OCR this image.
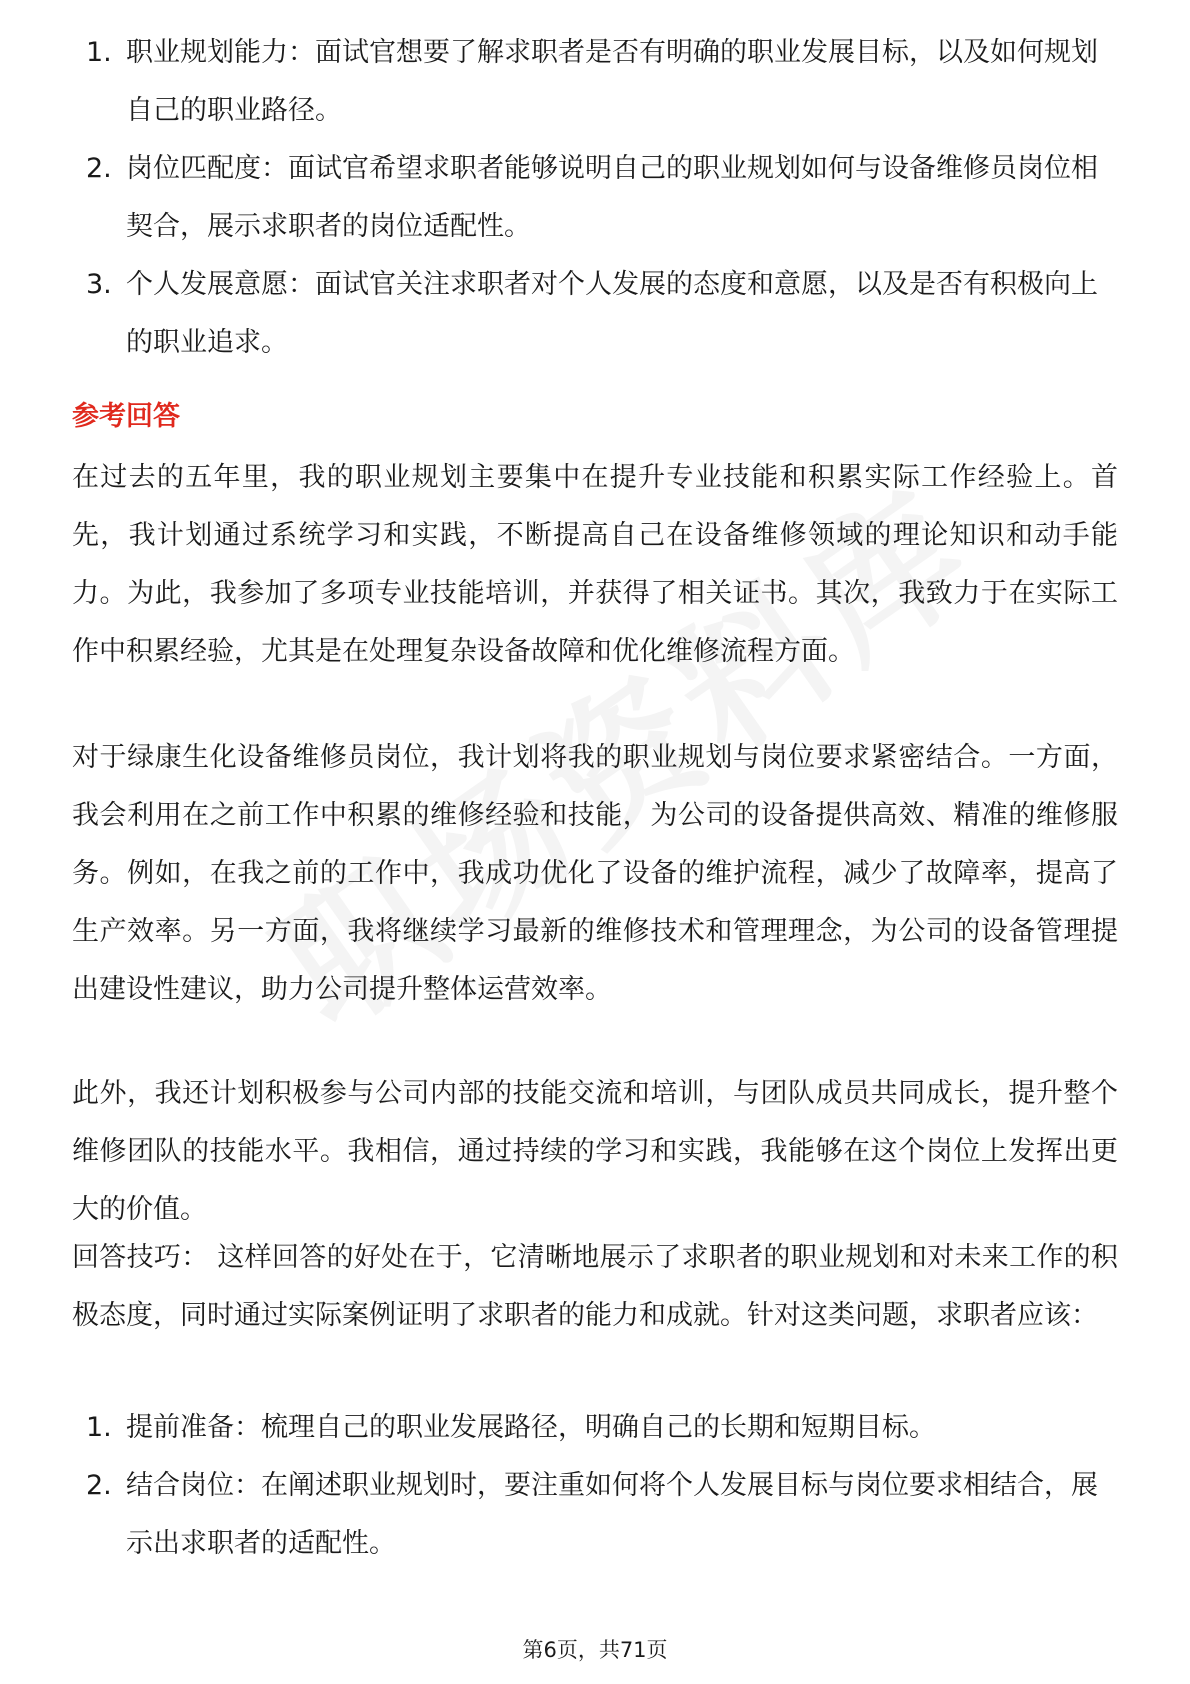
1. 职业规划能力：面试官想要了解求职者是否有明确的职业发展目标，以及如何规划自己的职业路径。
2. 岗位匹配度：面试官希望求职者能够说明自己的职业规划如何与设备维修员岗位相契合，展示求职者的岗位适配性。
3. 个人发展意愿：面试官关注求职者对个人发展的态度和意愿，以及是否有积极向上的职业追求。
参考回答
在过去的五年里，我的职业规划主要集中在提升专业技能和积累实际工作经验上。首先，我计划通过系统学习和实践，不断提高自己在设备维修领域的理论知识和动手能力。为此，我参加了多项专业技能培训，并获得了相关证书。其次，我致力于在实际工作中积累经验，尤其是在处理复杂设备故障和优化维修流程方面。
对于绿康生化设备维修员岗位，我计划将我的职业规划与岗位要求紧密结合。一方面，我会利用在之前工作中积累的维修经验和技能，为公司的设备提供高效、精准的维修服务。例如，在我之前的工作中，我成功优化了设备的维护流程，减少了故障率，提高了生产效率。另一方面，我将继续学习最新的维修技术和管理理念，为公司的设备管理提出建设性建议，助力公司提升整体运营效率。
此外，我还计划积极参与公司内部的技能交流和培训，与团队成员共同成长，提升整个维修团队的技能水平。我相信，通过持续的学习和实践，我能够在这个岗位上发挥出更大的价值。
回答技巧： 这样回答的好处在于，它清晰地展示了求职者的职业规划和对未来工作的积极态度，同时通过实际案例证明了求职者的能力和成就。针对这类问题，求职者应该：
1. 提前准备：梳理自己的职业发展路径，明确自己的长期和短期目标。
2. 结合岗位：在阐述职业规划时，要注重如何将个人发展目标与岗位要求相结合，展示出求职者的适配性。
第6页，共71页
